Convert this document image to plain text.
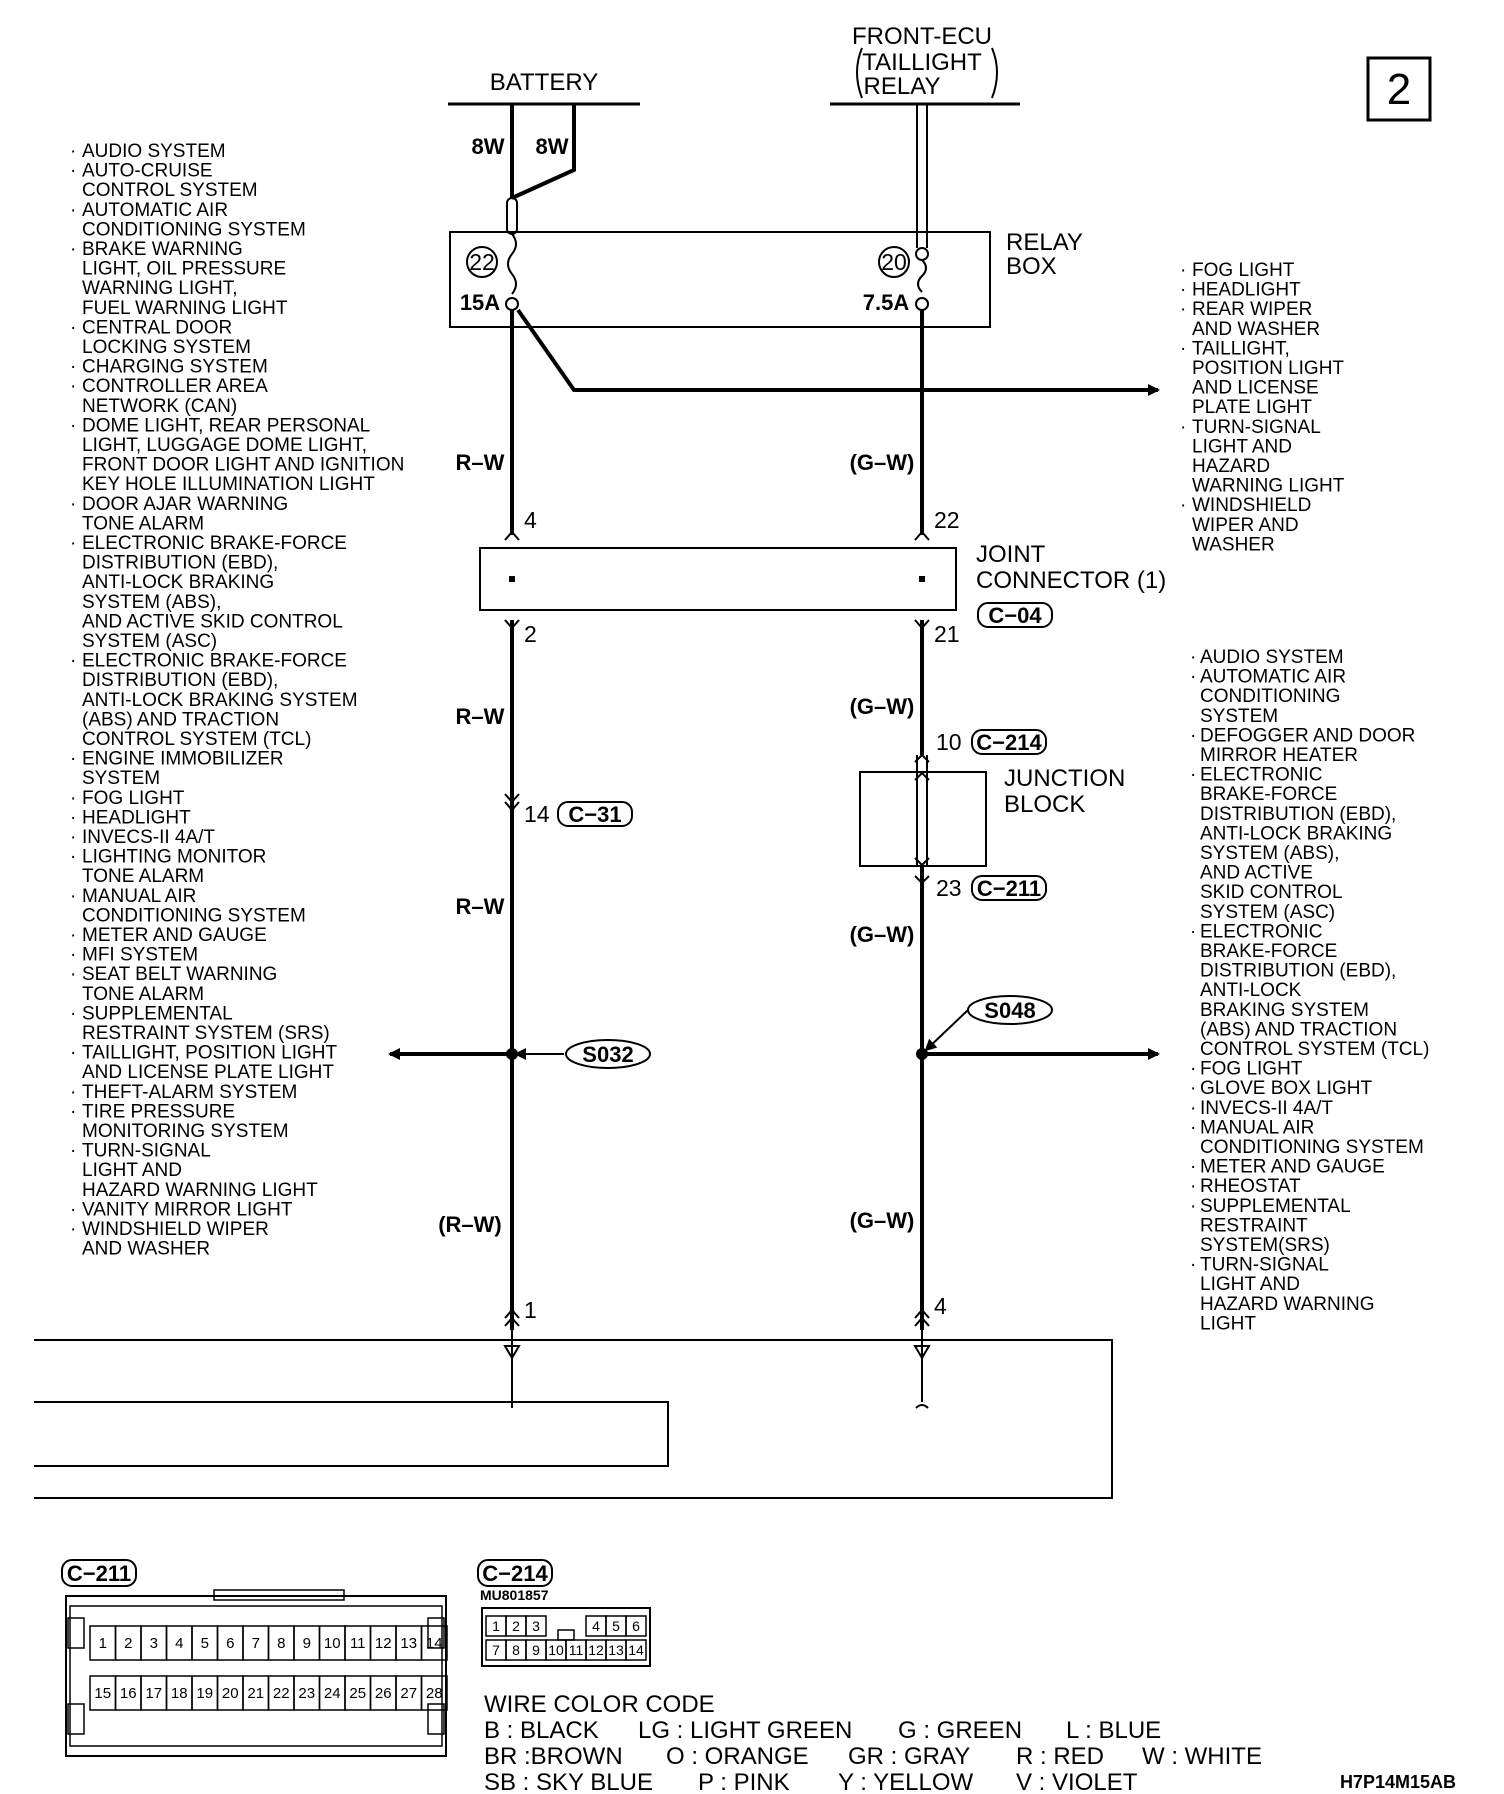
2
BATTERY
FRONT-ECU
TAILLIGHT
RELAY
8W 8W
22
15A
20
7.5A
RELAY
BOX
R–W
R–W
R–W
(R–W)
(G–W)
(G–W)
(G–W)
(G–W)
JOINT
CONNECTOR (1)
C−04
4
2
22
21
14 C−31
JUNCTION
BLOCK
10 C−214
23 C−211
S032
S048
1	4
· AUDIO SYSTEM
· AUTO-CRUISE
CONTROL SYSTEM
· AUTOMATIC AIR
CONDITIONING SYSTEM
· BRAKE WARNING
LIGHT, OIL PRESSURE
WARNING LIGHT,
FUEL WARNING LIGHT
· CENTRAL DOOR
LOCKING SYSTEM
· CHARGING SYSTEM
· CONTROLLER AREA
NETWORK (CAN)
· DOME LIGHT, REAR PERSONAL
LIGHT, LUGGAGE DOME LIGHT,
FRONT DOOR LIGHT AND IGNITION
KEY HOLE ILLUMINATION LIGHT
· DOOR AJAR WARNING
TONE ALARM
· ELECTRONIC BRAKE-FORCE
DISTRIBUTION (EBD),
ANTI-LOCK BRAKING
SYSTEM (ABS),
AND ACTIVE SKID CONTROL
SYSTEM (ASC)
· ELECTRONIC BRAKE-FORCE
DISTRIBUTION (EBD),
ANTI-LOCK BRAKING SYSTEM
(ABS) AND TRACTION
CONTROL SYSTEM (TCL)
· ENGINE IMMOBILIZER
SYSTEM
· FOG LIGHT
· HEADLIGHT
· INVECS-II 4A/T
· LIGHTING MONITOR
TONE ALARM
· MANUAL AIR
CONDITIONING SYSTEM
· METER AND GAUGE
· MFI SYSTEM
· SEAT BELT WARNING
TONE ALARM
· SUPPLEMENTAL
RESTRAINT SYSTEM (SRS)
· TAILLIGHT, POSITION LIGHT
AND LICENSE PLATE LIGHT
· THEFT-ALARM SYSTEM
· TIRE PRESSURE
MONITORING SYSTEM
· TURN-SIGNAL
LIGHT AND
HAZARD WARNING LIGHT
· VANITY MIRROR LIGHT
· WINDSHIELD WIPER
AND WASHER
· FOG LIGHT
· HEADLIGHT
· REAR WIPER
AND WASHER
· TAILLIGHT,
POSITION LIGHT
AND LICENSE
PLATE LIGHT
· TURN-SIGNAL
LIGHT AND
HAZARD
WARNING LIGHT
· WINDSHIELD
WIPER AND
WASHER
· AUDIO SYSTEM
· AUTOMATIC AIR
CONDITIONING
SYSTEM
· DEFOGGER AND DOOR
MIRROR HEATER
· ELECTRONIC
BRAKE-FORCE
DISTRIBUTION (EBD),
ANTI-LOCK BRAKING
SYSTEM (ABS),
AND ACTIVE
SKID CONTROL
SYSTEM (ASC)
· ELECTRONIC
BRAKE-FORCE
DISTRIBUTION (EBD),
ANTI-LOCK
BRAKING SYSTEM
(ABS) AND TRACTION
CONTROL SYSTEM (TCL)
· FOG LIGHT
· GLOVE BOX LIGHT
· INVECS-II 4A/T
· MANUAL AIR
CONDITIONING SYSTEM
· METER AND GAUGE
· RHEOSTAT
· SUPPLEMENTAL
RESTRAINT
SYSTEM(SRS)
· TURN-SIGNAL
LIGHT AND
HAZARD WARNING
LIGHT
C−211
1 2 3 4 5 6 7 8 9 10 11 12 13 14
15 16 17 18 19 20 21 22 23 24 25 26 27 28
C−214
MU801857
1 2 3	4 5 6
7 8 9 10 11 12 13 14
WIRE COLOR CODE
B : BLACK LG : LIGHT GREEN G : GREEN L : BLUE
BR :BROWN O : ORANGE GR : GRAY R : RED W : WHITE
SB : SKY BLUE P : PINK Y : YELLOW V : VIOLET	H7P14M15AB
